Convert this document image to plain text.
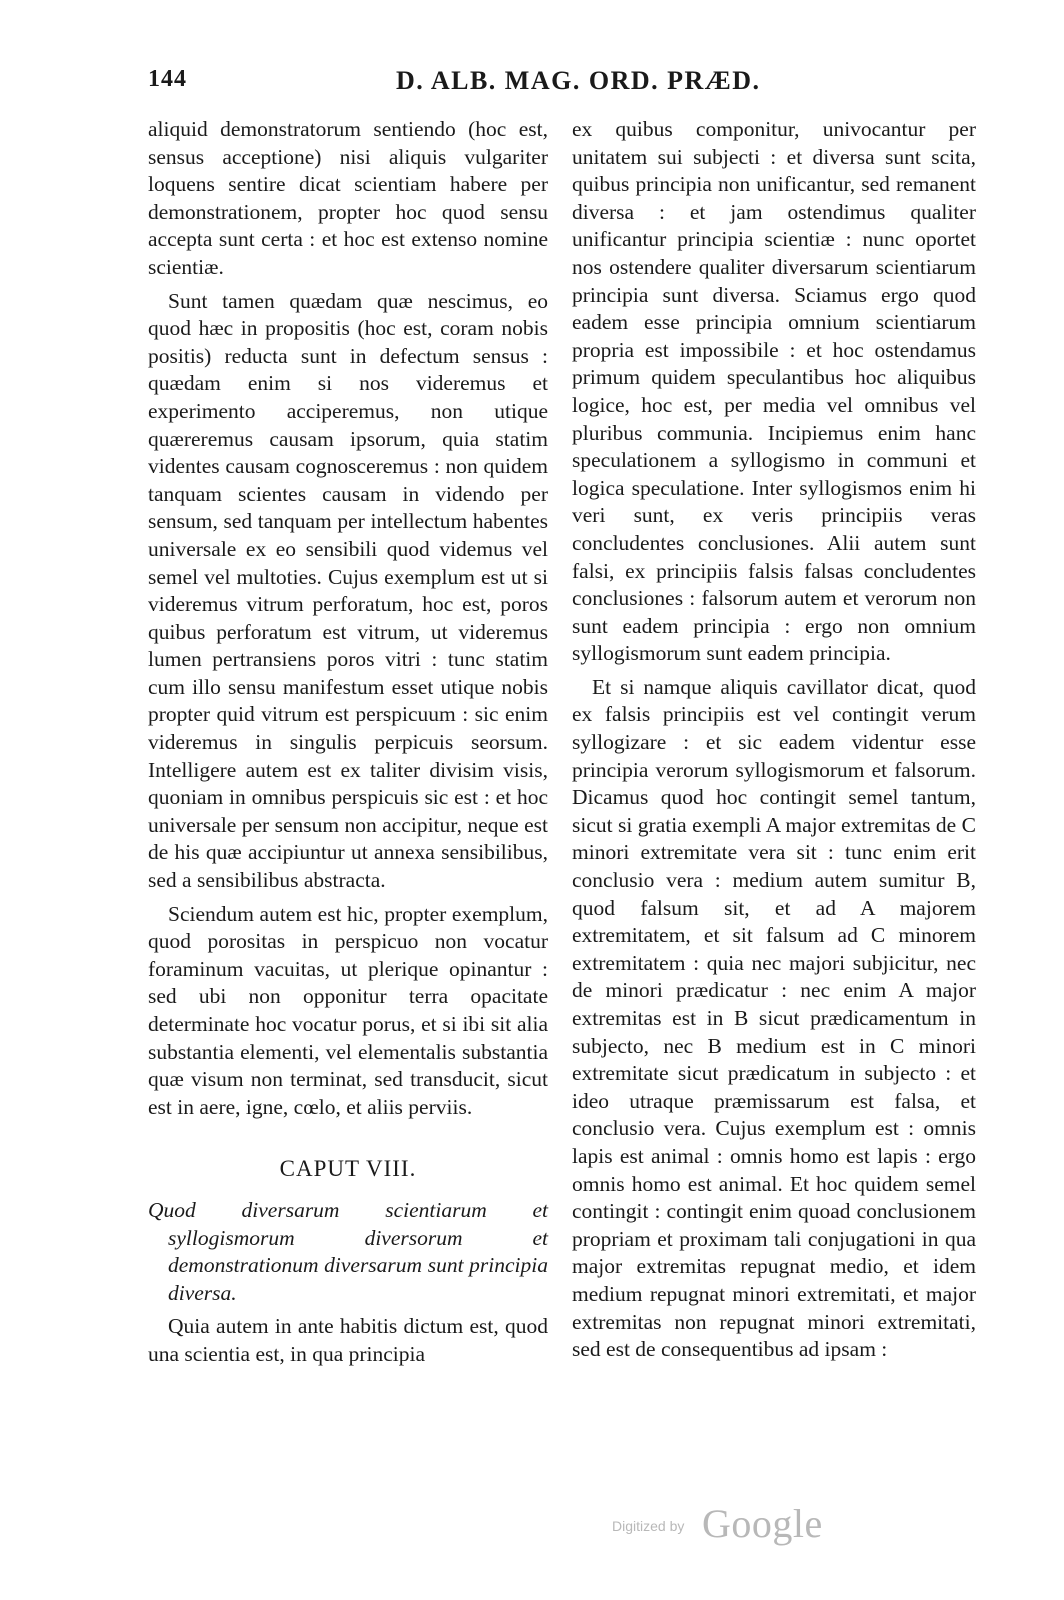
144	D. ALB. MAG. ORD. PRÆD.

aliquid demonstratorum sentiendo (hoc est, sensus acceptione) nisi aliquis vulgariter loquens sentire dicat scientiam habere per demonstrationem, propter hoc quod sensu accepta sunt certa : et hoc est extenso nomine scientiæ.

Sunt tamen quædam quæ nescimus, eo quod hæc in propositis (hoc est, coram nobis positis) reducta sunt in defectum sensus : quædam enim si nos videremus et experimento acciperemus, non utique quæreremus causam ipsorum, quia statim videntes causam cognosceremus : non quidem tanquam scientes causam in videndo per sensum, sed tanquam per intellectum habentes universale ex eo sensibili quod videmus vel semel vel multoties. Cujus exemplum est ut si videremus vitrum perforatum, hoc est, poros quibus perforatum est vitrum, ut videremus lumen pertransiens poros vitri : tunc statim cum illo sensu manifestum esset utique nobis propter quid vitrum est perspicuum : sic enim videremus in singulis perpicuis seorsum. Intelligere autem est ex taliter divisim visis, quoniam in omnibus perspicuis sic est : et hoc universale per sensum non accipitur, neque est de his quæ accipiuntur ut annexa sensibilibus, sed a sensibilibus abstracta.

Sciendum autem est hic, propter exemplum, quod porositas in perspicuo non vocatur foraminum vacuitas, ut plerique opinantur : sed ubi non opponitur terra opacitate determinate hoc vocatur porus, et si ibi sit alia substantia elementi, vel elementalis substantia quæ visum non terminat, sed transducit, sicut est in aere, igne, cœlo, et aliis perviis.

CAPUT VIII.

Quod diversarum scientiarum et syllogismorum diversorum et demonstrationum diversarum sunt principia diversa.

Quia autem in ante habitis dictum est, quod una scientia est, in qua principia

ex quibus componitur, univocantur per unitatem sui subjecti : et diversa sunt scita, quibus principia non unificantur, sed remanent diversa : et jam ostendimus qualiter unificantur principia scientiæ : nunc oportet nos ostendere qualiter diversarum scientiarum principia sunt diversa. Sciamus ergo quod eadem esse principia omnium scientiarum propria est impossibile : et hoc ostendamus primum quidem speculantibus hoc aliquibus logice, hoc est, per media vel omnibus vel pluribus communia. Incipiemus enim hanc speculationem a syllogismo in communi et logica speculatione. Inter syllogismos enim hi veri sunt, ex veris principiis veras concludentes conclusiones. Alii autem sunt falsi, ex principiis falsis falsas concludentes conclusiones : falsorum autem et verorum non sunt eadem principia : ergo non omnium syllogismorum sunt eadem principia.

Et si namque aliquis cavillator dicat, quod ex falsis principiis est vel contingit verum syllogizare : et sic eadem videntur esse principia verorum syllogismorum et falsorum. Dicamus quod hoc contingit semel tantum, sicut si gratia exempli A major extremitas de C minori extremitate vera sit : tunc enim erit conclusio vera : medium autem sumitur B, quod falsum sit, et ad A majorem extremitatem, et sit falsum ad C minorem extremitatem : quia nec majori subjicitur, nec de minori prædicatur : nec enim A major extremitas est in B sicut prædicamentum in subjecto, nec B medium est in C minori extremitate sicut prædicatum in subjecto : et ideo utraque præmissarum est falsa, et conclusio vera. Cujus exemplum est : omnis lapis est animal : omnis homo est lapis : ergo omnis homo est animal. Et hoc quidem semel contingit : contingit enim quoad conclusionem propriam et proximam tali conjugationi in qua major extremitas repugnat medio, et idem medium repugnat minori extremitati, et major extremitas non repugnat minori extremitati, sed est de consequentibus ad ipsam :

Digitized by Google
